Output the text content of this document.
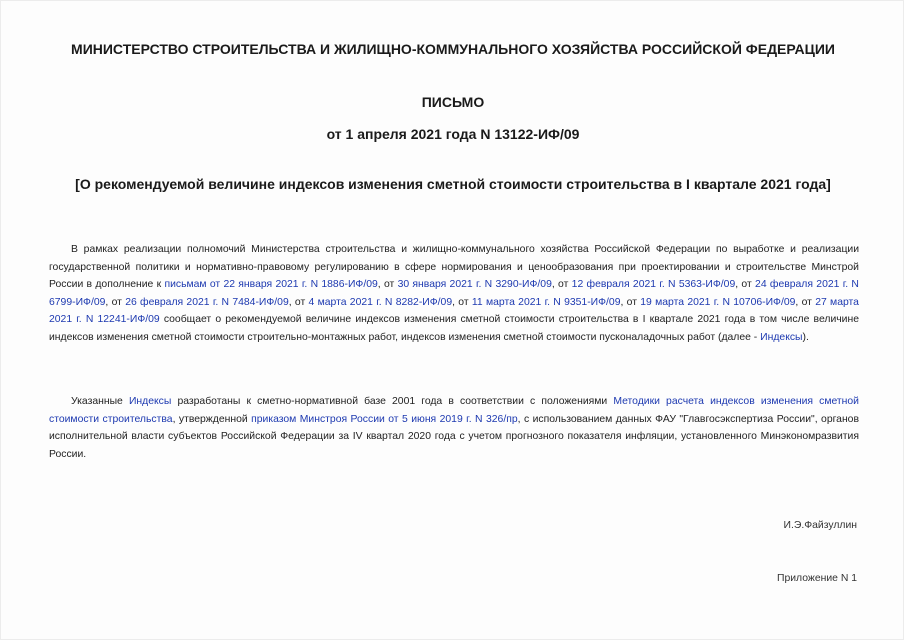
МИНИСТЕРСТВО СТРОИТЕЛЬСТВА И ЖИЛИЩНО-КОММУНАЛЬНОГО ХОЗЯЙСТВА РОССИЙСКОЙ ФЕДЕРАЦИИ
ПИСЬМО
от 1 апреля 2021 года N 13122-ИФ/09
[О рекомендуемой величине индексов изменения сметной стоимости строительства в I квартале 2021 года]

В рамках реализации полномочий Министерства строительства и жилищно-коммунального хозяйства Российской Федерации по выработке и реализации государственной политики и нормативно-правовому регулированию в сфере нормирования и ценообразования при проектировании и строительстве Минстрой России в дополнение к письмам от 22 января 2021 г. N 1886-ИФ/09, от 30 января 2021 г. N 3290-ИФ/09, от 12 февраля 2021 г. N 5363-ИФ/09, от 24 февраля 2021 г. N 6799-ИФ/09, от 26 февраля 2021 г. N 7484-ИФ/09, от 4 марта 2021 г. N 8282-ИФ/09, от 11 марта 2021 г. N 9351-ИФ/09, от 19 марта 2021 г. N 10706-ИФ/09, от 27 марта 2021 г. N 12241-ИФ/09 сообщает о рекомендуемой величине индексов изменения сметной стоимости строительства в I квартале 2021 года в том числе величине индексов изменения сметной стоимости строительно-монтажных работ, индексов изменения сметной стоимости пусконаладочных работ (далее - Индексы).

Указанные Индексы разработаны к сметно-нормативной базе 2001 года в соответствии с положениями Методики расчета индексов изменения сметной стоимости строительства, утвержденной приказом Минстроя России от 5 июня 2019 г. N 326/пр, с использованием данных ФАУ "Главгосэкспертиза России", органов исполнительной власти субъектов Российской Федерации за IV квартал 2020 года с учетом прогнозного показателя инфляции, установленного Минэкономразвития России.

И.Э.Файзуллин
Приложение N 1
